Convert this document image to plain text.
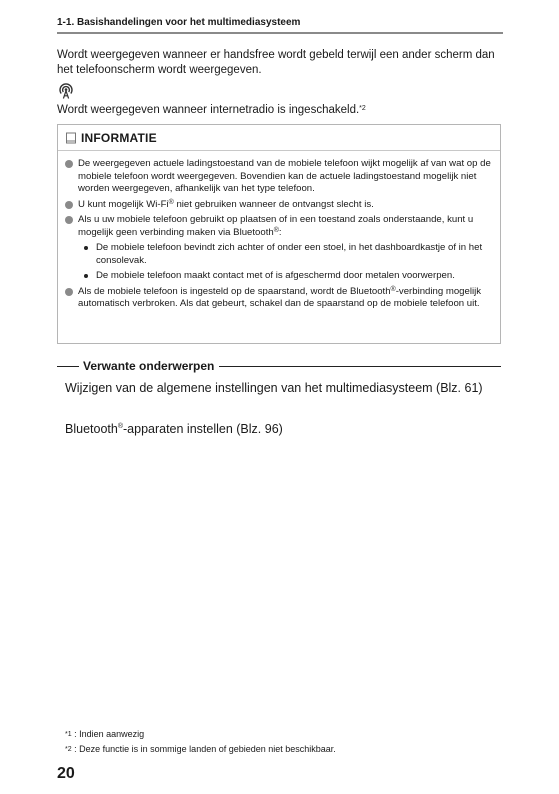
1-1. Basishandelingen voor het multimediasysteem
Wordt weergegeven wanneer er handsfree wordt gebeld terwijl een ander scherm dan het telefoonscherm wordt weergegeven.
Wordt weergegeven wanneer internetradio is ingeschakeld.$^{*2}$
INFORMATIE
De weergegeven actuele ladingstoestand van de mobiele telefoon wijkt mogelijk af van wat op de mobiele telefoon wordt weergegeven. Bovendien kan de actuele ladingstoestand mogelijk niet worden weergegeven, afhankelijk van het type telefoon.
U kunt mogelijk Wi-Fi® niet gebruiken wanneer de ontvangst slecht is.
Als u uw mobiele telefoon gebruikt op plaatsen of in een toestand zoals onderstaande, kunt u mogelijk geen verbinding maken via Bluetooth®:
De mobiele telefoon bevindt zich achter of onder een stoel, in het dashboardkastje of in het consolevak.
De mobiele telefoon maakt contact met of is afgeschermd door metalen voorwerpen.
Als de mobiele telefoon is ingesteld op de spaarstand, wordt de Bluetooth®-verbinding mogelijk automatisch verbroken. Als dat gebeurt, schakel dan de spaarstand op de mobiele telefoon uit.
Verwante onderwerpen
Wijzigen van de algemene instellingen van het multimediasysteem (Blz. 61)
Bluetooth®-apparaten instellen (Blz. 96)
$^{*1}$ : Indien aanwezig
$^{*2}$ : Deze functie is in sommige landen of gebieden niet beschikbaar.
20
